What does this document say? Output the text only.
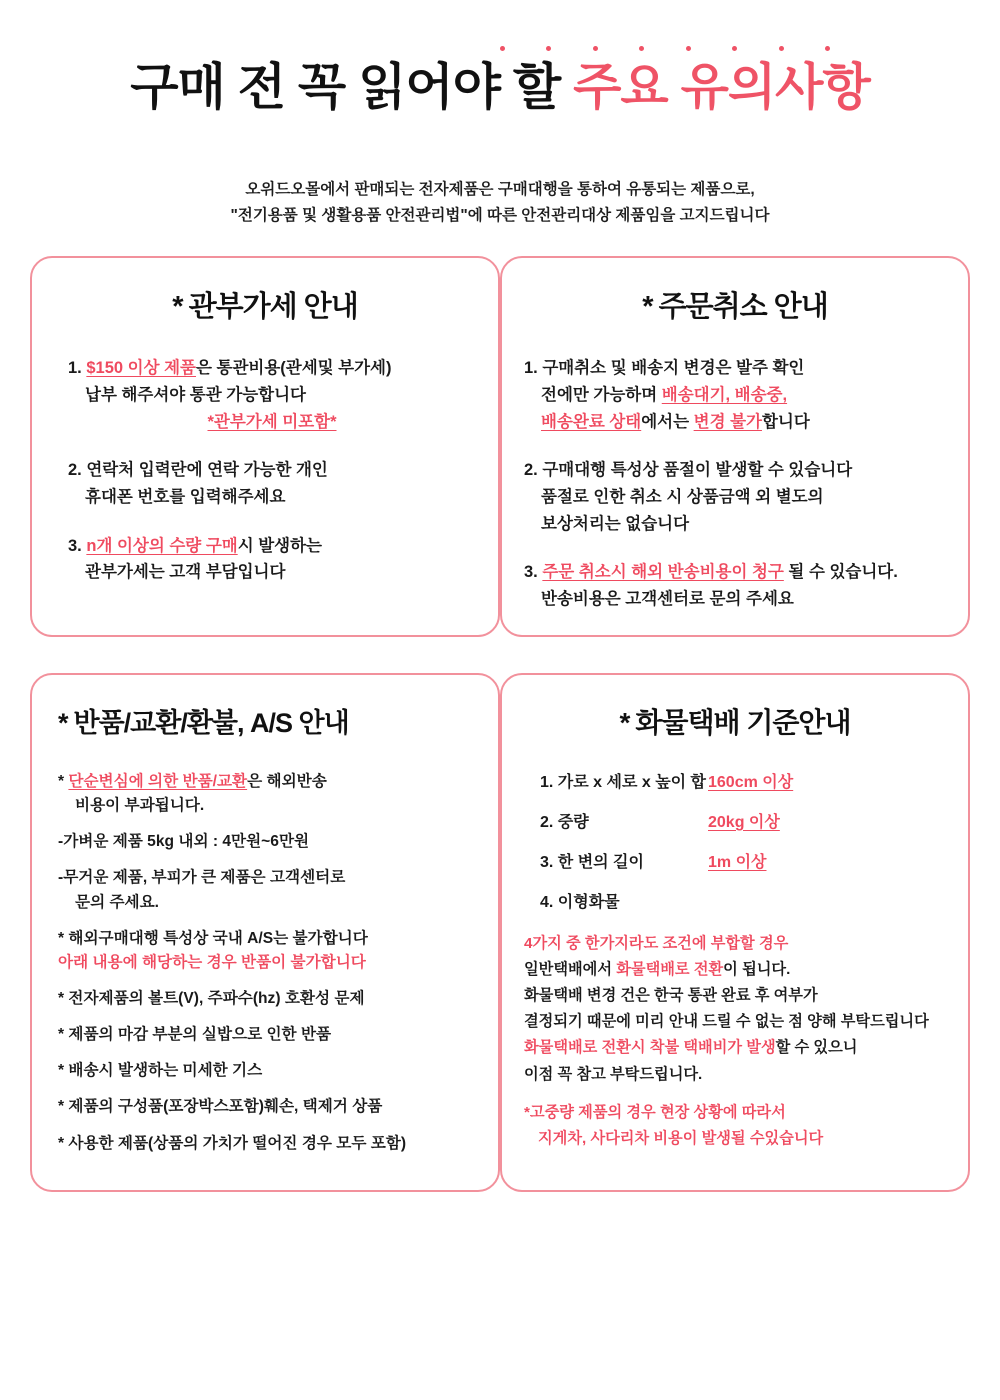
구매 전 꼭 읽어야 할 주요 유의사항
오위드오몰에서 판매되는 전자제품은 구매대행을 통하여 유통되는 제품으로,
"전기용품 및 생활용품 안전관리법"에 따른 안전관리대상 제품임을 고지드립니다
* 관부가세 안내
1. $150 이상 제품은 통관비용(관세및 부가세)
납부 해주셔야 통관 가능합니다
*관부가세 미포함*
2. 연락처 입력란에 연락 가능한 개인
휴대폰 번호를 입력해주세요
3. n개 이상의 수량 구매시 발생하는
관부가세는 고객 부담입니다
* 주문취소 안내
1. 구매취소 및 배송지 변경은 발주 확인
전에만 가능하며 배송대기, 배송중,
배송완료 상태에서는 변경 불가합니다
2. 구매대행 특성상 품절이 발생할 수 있습니다
품절로 인한 취소 시 상품금액 외 별도의
보상처리는 없습니다
3. 주문 취소시 해외 반송비용이 청구 될 수 있습니다.
반송비용은 고객센터로 문의 주세요
* 반품/교환/환불, A/S 안내
* 단순변심에 의한 반품/교환은 해외반송
비용이 부과됩니다.
-가벼운 제품 5kg 내외 : 4만원~6만원
-무거운 제품, 부피가 큰 제품은 고객센터로
문의 주세요.
* 해외구매대행 특성상 국내 A/S는 불가합니다
아래 내용에 해당하는 경우 반품이 불가합니다
* 전자제품의 볼트(V), 주파수(hz) 호환성 문제
* 제품의 마감 부분의 실밥으로 인한 반품
* 배송시 발생하는 미세한 기스
* 제품의 구성품(포장박스포함)훼손, 택제거 상품
* 사용한 제품(상품의 가치가 떨어진 경우 모두 포함)
* 화물택배 기준안내
1. 가로 x 세로 x 높이 합 160cm 이상
2. 중량	20kg 이상
3. 한 변의 길이	1m 이상
4. 이형화물
4가지 중 한가지라도 조건에 부합할 경우
일반택배에서 화물택배로 전환이 됩니다.
화물택배 변경 건은 한국 통관 완료 후 여부가
결정되기 때문에 미리 안내 드릴 수 없는 점 양해 부탁드립니다
화물택배로 전환시 착불 택배비가 발생할 수 있으니
이점 꼭 참고 부탁드립니다.
*고중량 제품의 경우 현장 상황에 따라서
지게차, 사다리차 비용이 발생될 수있습니다
